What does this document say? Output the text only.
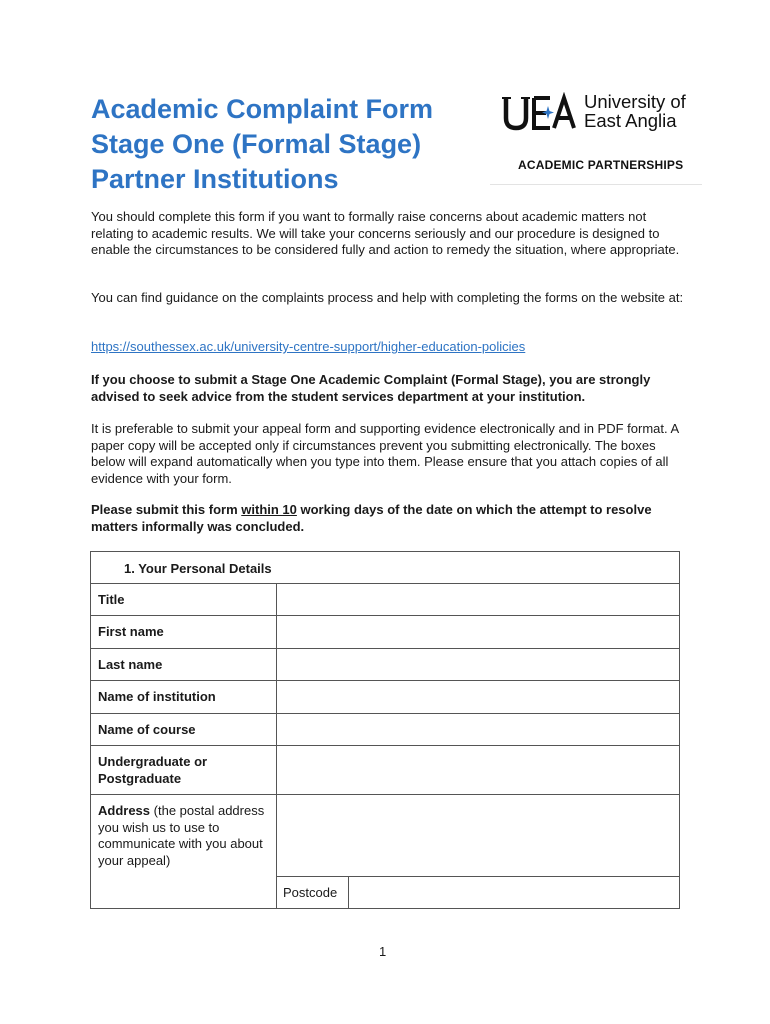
Academic Complaint Form
Stage One (Formal Stage)
Partner Institutions
University of
East Anglia
ACADEMIC PARTNERSHIPS
You should complete this form if you want to formally raise concerns about academic matters not relating to academic results. We will take your concerns seriously and our procedure is designed to enable the circumstances to be considered fully and action to remedy the situation, where appropriate.
You can find guidance on the complaints process and help with completing the forms on the website at:
https://southessex.ac.uk/university-centre-support/higher-education-policies
If you choose to submit a Stage One Academic Complaint (Formal Stage), you are strongly advised to seek advice from the student services department at your institution.
It is preferable to submit your appeal form and supporting evidence electronically and in PDF format. A paper copy will be accepted only if circumstances prevent you submitting electronically. The boxes below will expand automatically when you type into them. Please ensure that you attach copies of all evidence with your form.
Please submit this form within 10 working days of the date on which the attempt to resolve matters informally was concluded.
1. Your Personal Details		

Title		
First name		
Last name		
Name of institution		
Name of course		
Undergraduate or Postgraduate		
Address (the postal address you wish us to use to communicate with you about your appeal)		
	Postcode	
1
